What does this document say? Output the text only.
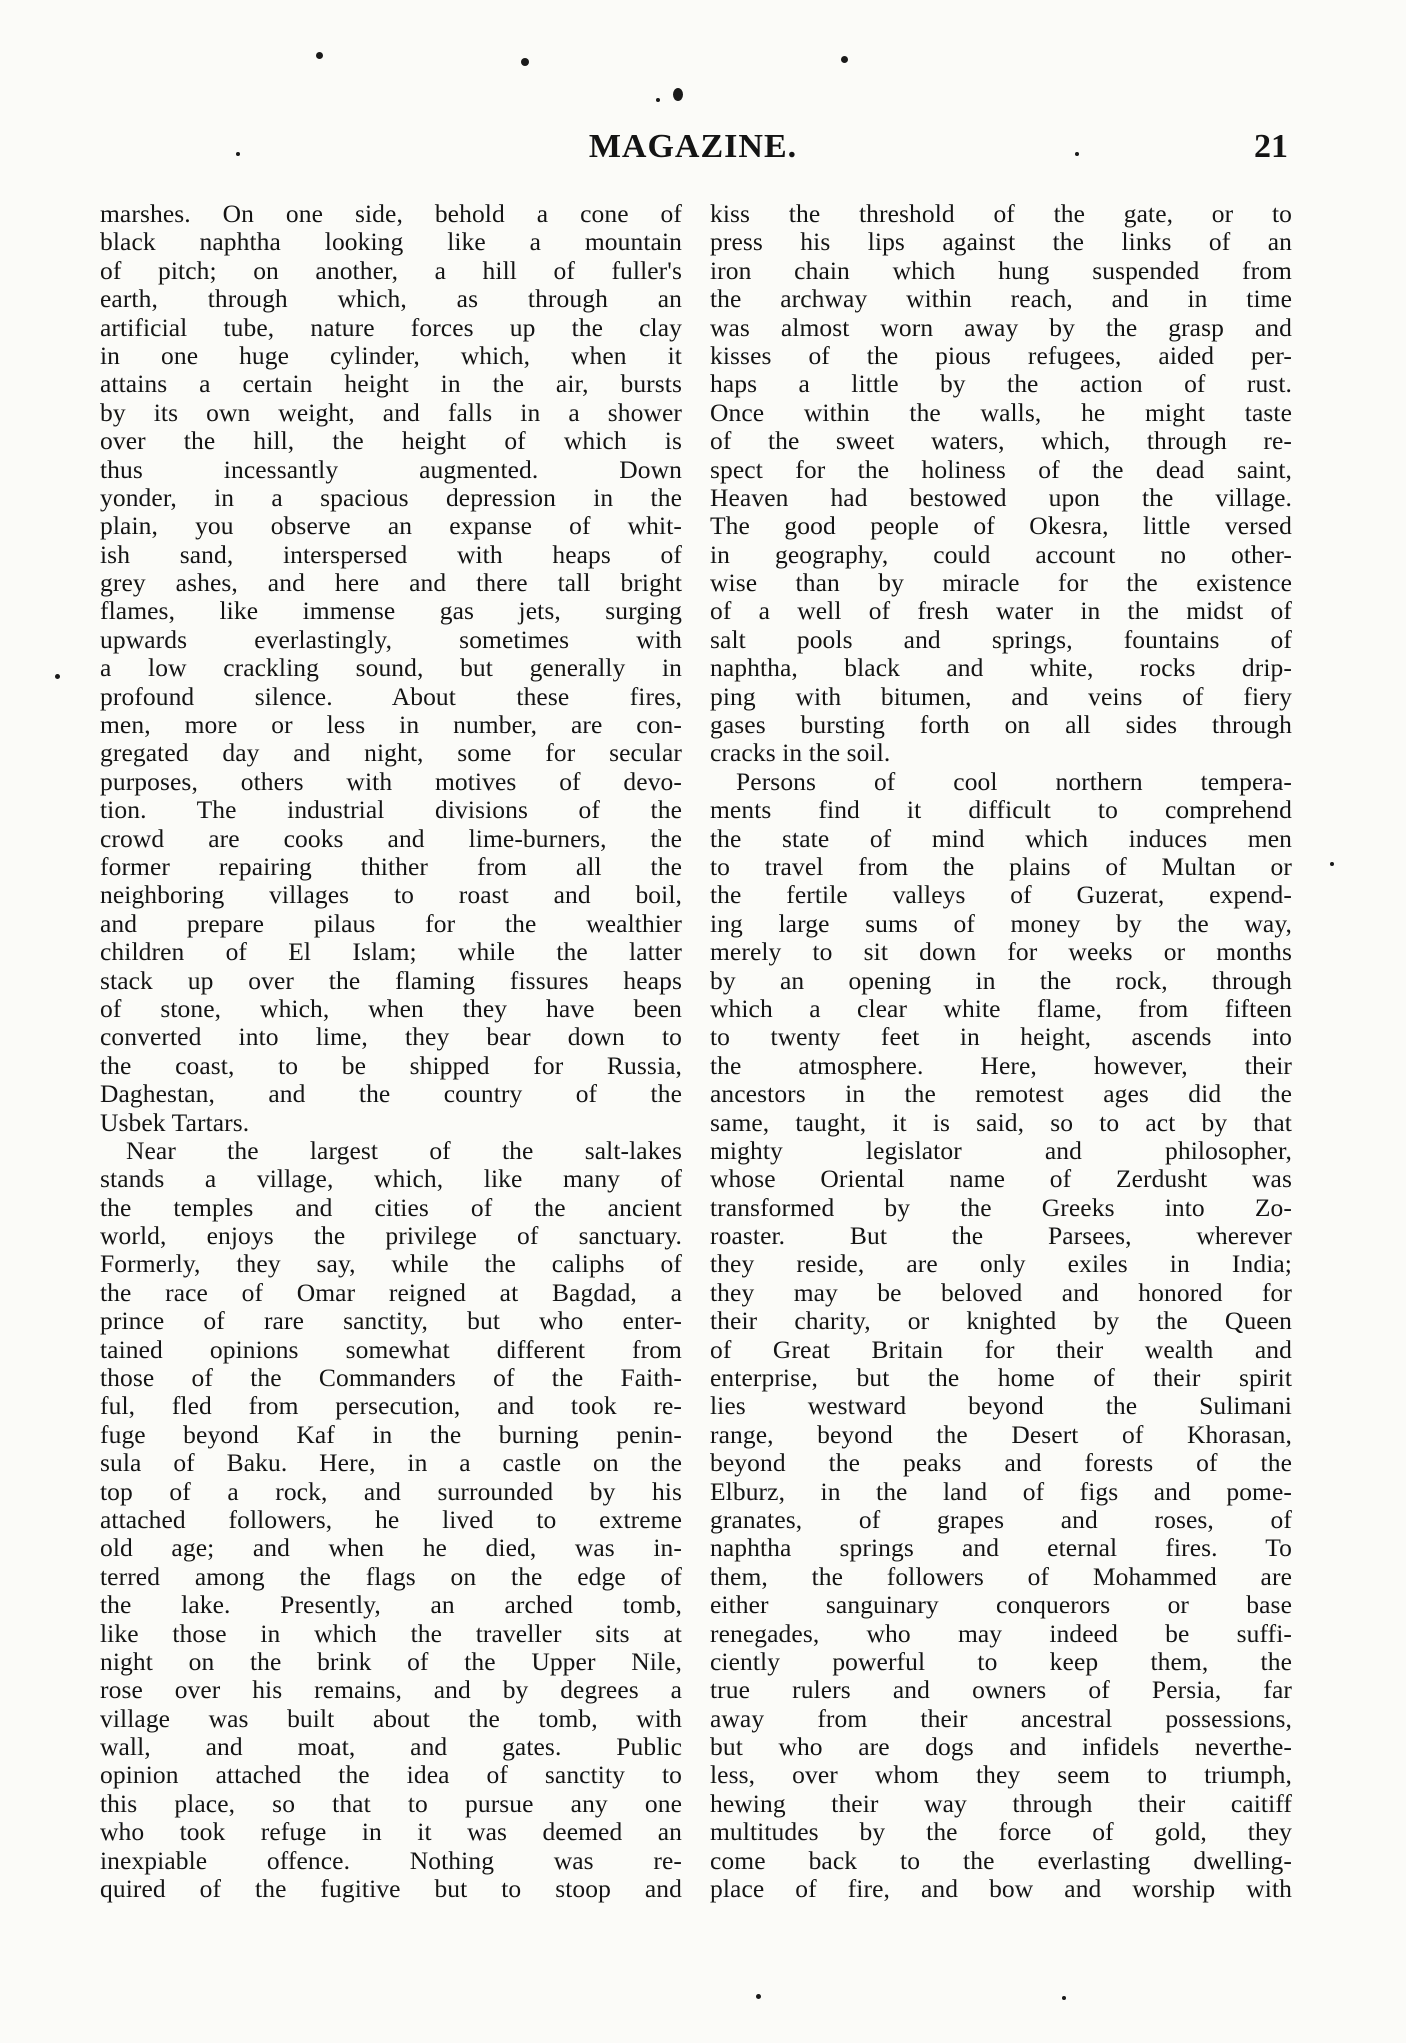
MAGAZINE.	21
marshes. On one side, behold a cone of
black naphtha looking like a mountain
of pitch; on another, a hill of fuller's
earth, through which, as through an
artificial tube, nature forces up the clay
in one huge cylinder, which, when it
attains a certain height in the air, bursts
by its own weight, and falls in a shower
over the hill, the height of which is
thus incessantly augmented. Down
yonder, in a spacious depression in the
plain, you observe an expanse of whit-
ish sand, interspersed with heaps of
grey ashes, and here and there tall bright
flames, like immense gas jets, surging
upwards everlastingly, sometimes with
a low crackling sound, but generally in
profound silence. About these fires,
men, more or less in number, are con-
gregated day and night, some for secular
purposes, others with motives of devo-
tion. The industrial divisions of the
crowd are cooks and lime-burners, the
former repairing thither from all the
neighboring villages to roast and boil,
and prepare pilaus for the wealthier
children of El Islam; while the latter
stack up over the flaming fissures heaps
of stone, which, when they have been
converted into lime, they bear down to
the coast, to be shipped for Russia,
Daghestan, and the country of the
Usbek Tartars.
Near the largest of the salt-lakes
stands a village, which, like many of
the temples and cities of the ancient
world, enjoys the privilege of sanctuary.
Formerly, they say, while the caliphs of
the race of Omar reigned at Bagdad, a
prince of rare sanctity, but who enter-
tained opinions somewhat different from
those of the Commanders of the Faith-
ful, fled from persecution, and took re-
fuge beyond Kaf in the burning penin-
sula of Baku. Here, in a castle on the
top of a rock, and surrounded by his
attached followers, he lived to extreme
old age; and when he died, was in-
terred among the flags on the edge of
the lake. Presently, an arched tomb,
like those in which the traveller sits at
night on the brink of the Upper Nile,
rose over his remains, and by degrees a
village was built about the tomb, with
wall, and moat, and gates. Public
opinion attached the idea of sanctity to
this place, so that to pursue any one
who took refuge in it was deemed an
inexpiable offence. Nothing was re-
quired of the fugitive but to stoop and
kiss the threshold of the gate, or to
press his lips against the links of an
iron chain which hung suspended from
the archway within reach, and in time
was almost worn away by the grasp and
kisses of the pious refugees, aided per-
haps a little by the action of rust.
Once within the walls, he might taste
of the sweet waters, which, through re-
spect for the holiness of the dead saint,
Heaven had bestowed upon the village.
The good people of Okesra, little versed
in geography, could account no other-
wise than by miracle for the existence
of a well of fresh water in the midst of
salt pools and springs, fountains of
naphtha, black and white, rocks drip-
ping with bitumen, and veins of fiery
gases bursting forth on all sides through
cracks in the soil.
Persons of cool northern tempera-
ments find it difficult to comprehend
the state of mind which induces men
to travel from the plains of Multan or
the fertile valleys of Guzerat, expend-
ing large sums of money by the way,
merely to sit down for weeks or months
by an opening in the rock, through
which a clear white flame, from fifteen
to twenty feet in height, ascends into
the atmosphere. Here, however, their
ancestors in the remotest ages did the
same, taught, it is said, so to act by that
mighty legislator and philosopher,
whose Oriental name of Zerdusht was
transformed by the Greeks into Zo-
roaster. But the Parsees, wherever
they reside, are only exiles in India;
they may be beloved and honored for
their charity, or knighted by the Queen
of Great Britain for their wealth and
enterprise, but the home of their spirit
lies westward beyond the Sulimani
range, beyond the Desert of Khorasan,
beyond the peaks and forests of the
Elburz, in the land of figs and pome-
granates, of grapes and roses, of
naphtha springs and eternal fires. To
them, the followers of Mohammed are
either sanguinary conquerors or base
renegades, who may indeed be suffi-
ciently powerful to keep them, the
true rulers and owners of Persia, far
away from their ancestral possessions,
but who are dogs and infidels neverthe-
less, over whom they seem to triumph,
hewing their way through their caitiff
multitudes by the force of gold, they
come back to the everlasting dwelling-
place of fire, and bow and worship with
